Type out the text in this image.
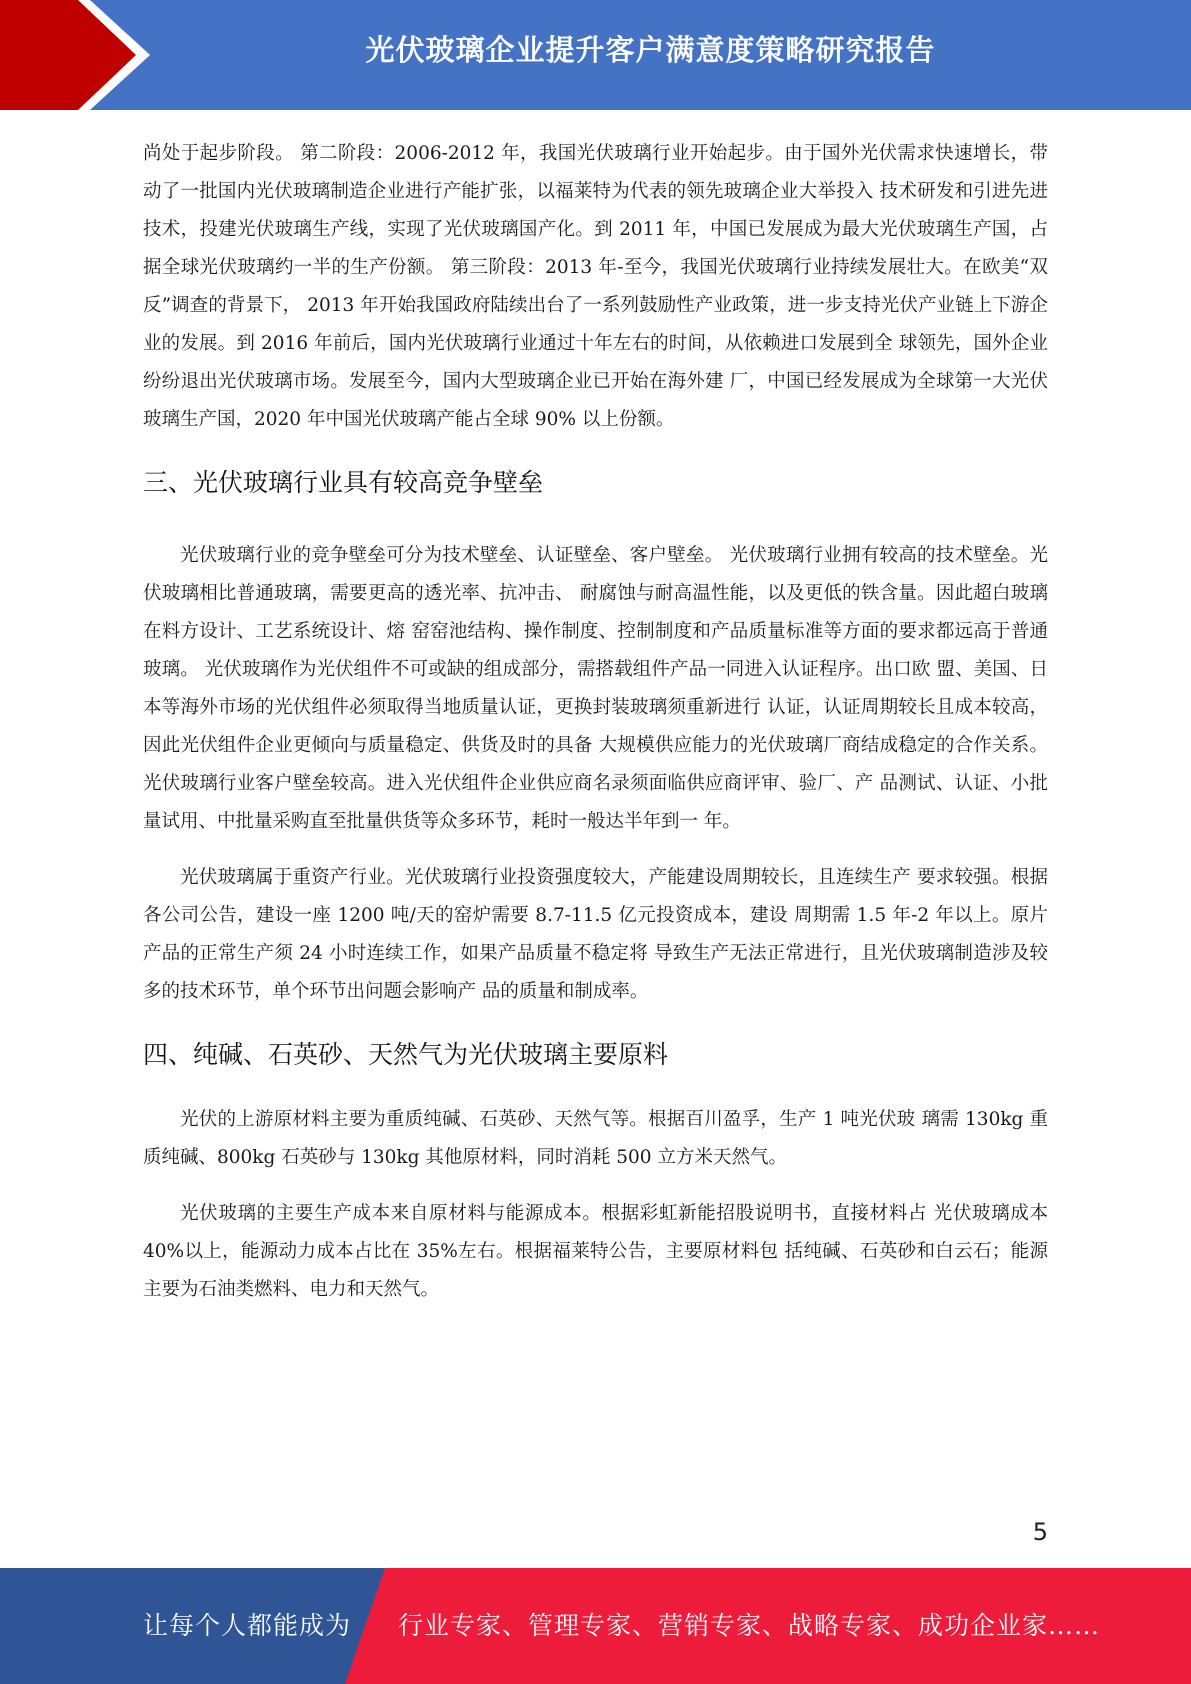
光伏玻璃企业提升客户满意度策略研究报告

尚处于起步阶段。 第二阶段：2006-2012 年，我国光伏玻璃行业开始起步。由于国外光伏需求快速增长，带 动了一批国内光伏玻璃制造企业进行产能扩张，以福莱特为代表的领先玻璃企业大举投入 技术研发和引进先进技术，投建光伏玻璃生产线，实现了光伏玻璃国产化。到 2011 年，中国已发展成为最大光伏玻璃生产国，占据全球光伏玻璃约一半的生产份额。 第三阶段：2013 年-至今，我国光伏玻璃行业持续发展壮大。在欧美“双反”调查的背景下， 2013 年开始我国政府陆续出台了一系列鼓励性产业政策，进一步支持光伏产业链上下游企 业的发展。到 2016 年前后，国内光伏玻璃行业通过十年左右的时间，从依赖进口发展到全 球领先，国外企业纷纷退出光伏玻璃市场。发展至今，国内大型玻璃企业已开始在海外建 厂，中国已经发展成为全球第一大光伏玻璃生产国，2020 年中国光伏玻璃产能占全球 90% 以上份额。

三、光伏玻璃行业具有较高竞争壁垒

光伏玻璃行业的竞争壁垒可分为技术壁垒、认证壁垒、客户壁垒。 光伏玻璃行业拥有较高的技术壁垒。光伏玻璃相比普通玻璃，需要更高的透光率、抗冲击、 耐腐蚀与耐高温性能，以及更低的铁含量。因此超白玻璃在料方设计、工艺系统设计、熔 窑窑池结构、操作制度、控制制度和产品质量标准等方面的要求都远高于普通玻璃。 光伏玻璃作为光伏组件不可或缺的组成部分，需搭载组件产品一同进入认证程序。出口欧 盟、美国、日本等海外市场的光伏组件必须取得当地质量认证，更换封装玻璃须重新进行 认证，认证周期较长且成本较高，因此光伏组件企业更倾向与质量稳定、供货及时的具备 大规模供应能力的光伏玻璃厂商结成稳定的合作关系。 光伏玻璃行业客户壁垒较高。进入光伏组件企业供应商名录须面临供应商评审、验厂、产 品测试、认证、小批量试用、中批量采购直至批量供货等众多环节，耗时一般达半年到一 年。

光伏玻璃属于重资产行业。光伏玻璃行业投资强度较大，产能建设周期较长，且连续生产 要求较强。根据各公司公告，建设一座 1200 吨/天的窑炉需要 8.7-11.5 亿元投资成本，建设 周期需 1.5 年-2 年以上。原片产品的正常生产须 24 小时连续工作，如果产品质量不稳定将 导致生产无法正常进行，且光伏玻璃制造涉及较多的技术环节，单个环节出问题会影响产 品的质量和制成率。

四、纯碱、石英砂、天然气为光伏玻璃主要原料

光伏的上游原材料主要为重质纯碱、石英砂、天然气等。根据百川盈孚，生产 1 吨光伏玻 璃需 130kg 重质纯碱、800kg 石英砂与 130kg 其他原材料，同时消耗 500 立方米天然气。

光伏玻璃的主要生产成本来自原材料与能源成本。根据彩虹新能招股说明书，直接材料占 光伏玻璃成本 40%以上，能源动力成本占比在 35%左右。根据福莱特公告，主要原材料包 括纯碱、石英砂和白云石；能源主要为石油类燃料、电力和天然气。

5
让每个人都能成为 行业专家、管理专家、营销专家、战略专家、成功企业家……
